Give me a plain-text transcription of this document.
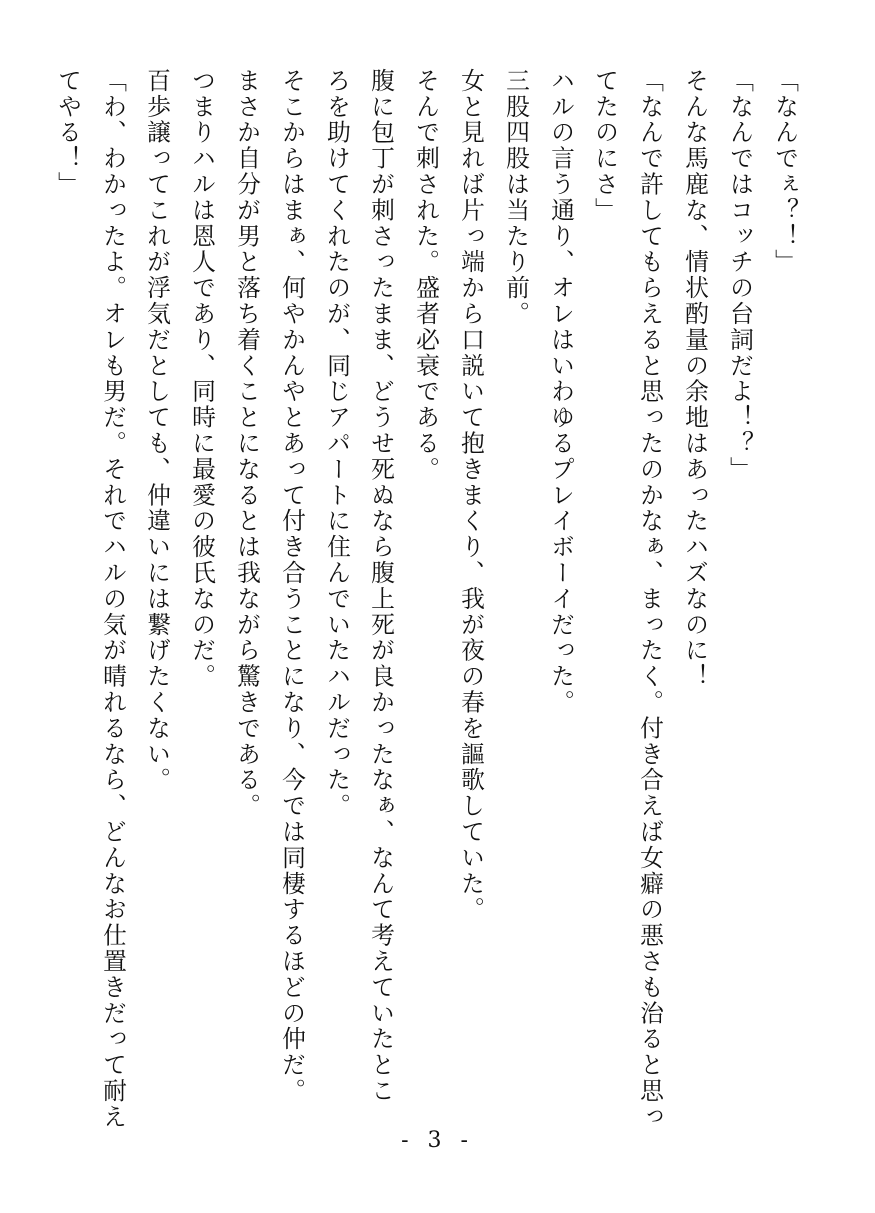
「なんでぇ？！」
「なんではコッチの台詞だよ！？」
そんな馬鹿な、情状酌量の余地はあったハズなのに！
「なんで許してもらえると思ったのかなぁ、まったく。付き合えば女癖の悪さも治ると思っ
てたのにさ」
ハルの言う通り、オレはいわゆるプレイボーイだった。
三股四股は当たり前。
女と見れば片っ端から口説いて抱きまくり、我が夜の春を謳歌していた。
そんで刺された。盛者必衰である。
腹に包丁が刺さったまま、どうせ死ぬなら腹上死が良かったなぁ、なんて考えていたとこ
ろを助けてくれたのが、同じアパートに住んでいたハルだった。
そこからはまぁ、何やかんやとあって付き合うことになり、今では同棲するほどの仲だ。
まさか自分が男と落ち着くことになるとは我ながら驚きである。
つまりハルは恩人であり、同時に最愛の彼氏なのだ。
百歩譲ってこれが浮気だとしても、仲違いには繋げたくない。
「わ、わかったよ。オレも男だ。それでハルの気が晴れるなら、どんなお仕置きだって耐え
てやる！」
- 3 -
